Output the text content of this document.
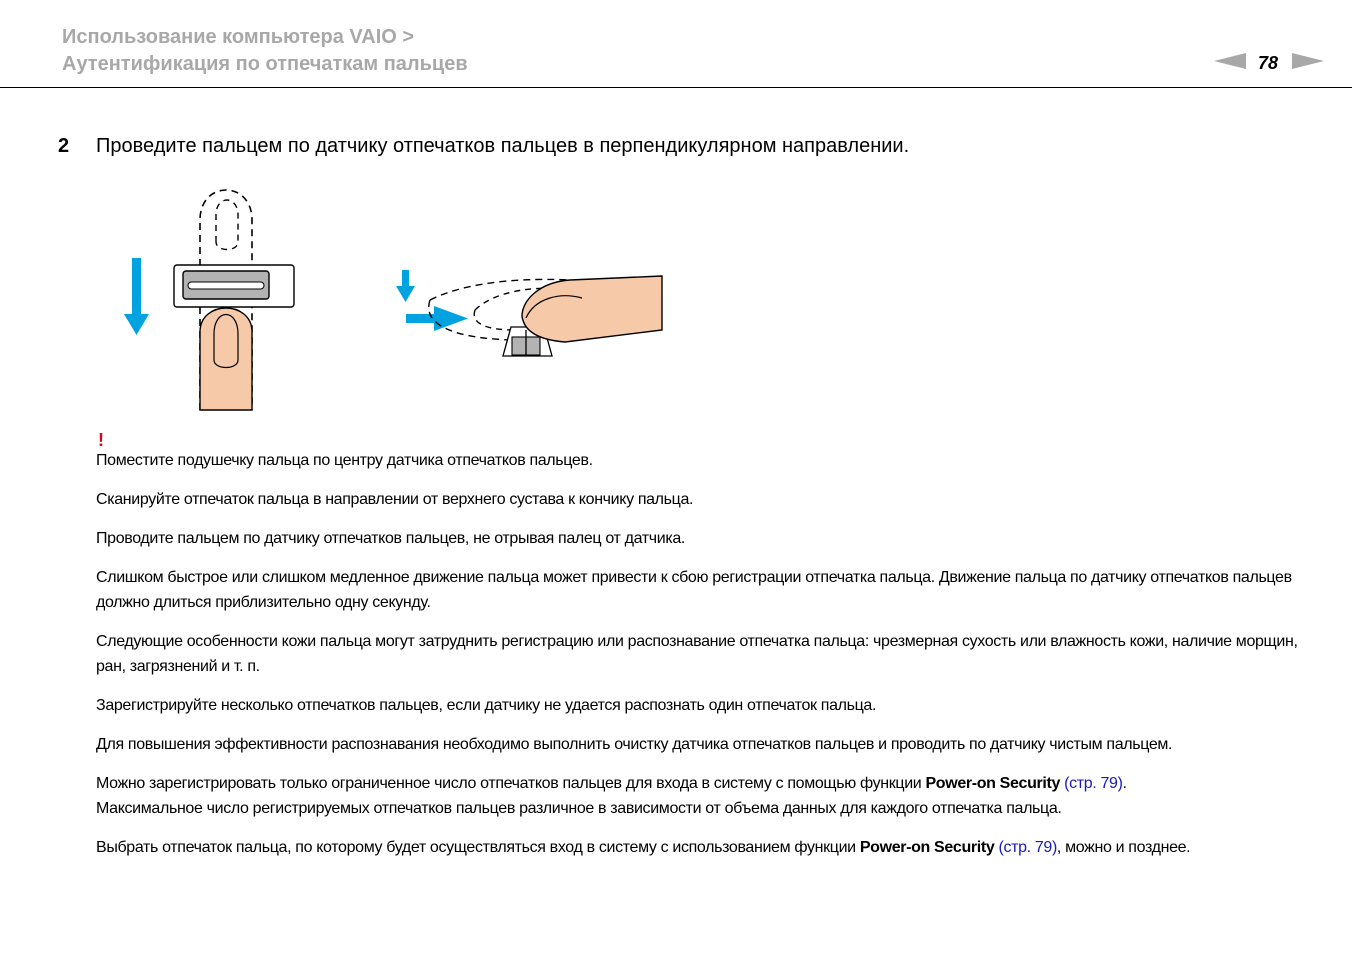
Использование компьютера VAIO >
Аутентификация по отпечаткам пальцев	78
2	Проведите пальцем по датчику отпечатков пальцев в перпендикулярном направлении.
!

Поместите подушечку пальца по центру датчика отпечатков пальцев.

Сканируйте отпечаток пальца в направлении от верхнего сустава к кончику пальца.

Проводите пальцем по датчику отпечатков пальцев, не отрывая палец от датчика.

Слишком быстрое или слишком медленное движение пальца может привести к сбою регистрации отпечатка пальца. Движение пальца по датчику отпечатков пальцев должно длиться приблизительно одну секунду.

Следующие особенности кожи пальца могут затруднить регистрацию или распознавание отпечатка пальца: чрезмерная сухость или влажность кожи, наличие морщин, ран, загрязнений и т. п.

Зарегистрируйте несколько отпечатков пальцев, если датчику не удается распознать один отпечаток пальца.

Для повышения эффективности распознавания необходимо выполнить очистку датчика отпечатков пальцев и проводить по датчику чистым пальцем.

Можно зарегистрировать только ограниченное число отпечатков пальцев для входа в систему с помощью функции Power-on Security (стр. 79).
Максимальное число регистрируемых отпечатков пальцев различное в зависимости от объема данных для каждого отпечатка пальца.

Выбрать отпечаток пальца, по которому будет осуществляться вход в систему с использованием функции Power-on Security (стр. 79), можно и позднее.
